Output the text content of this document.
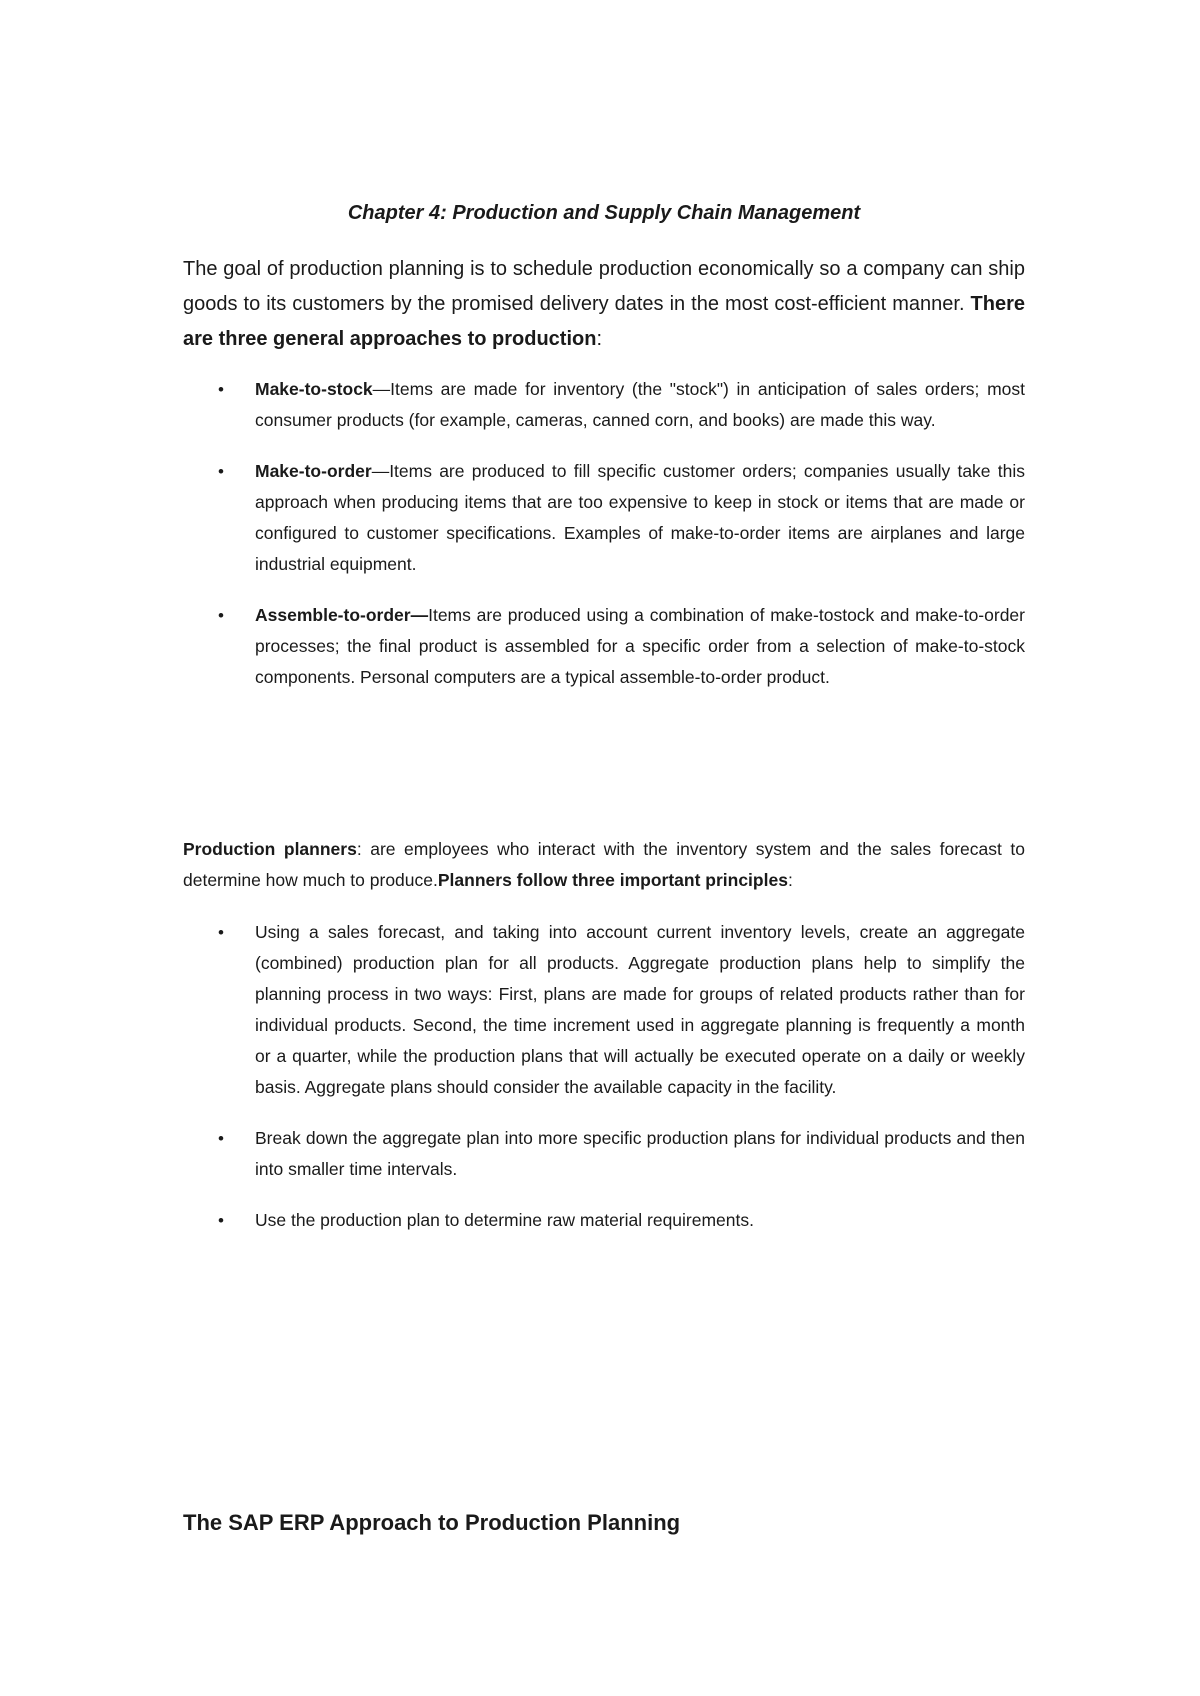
Chapter 4: Production and Supply Chain Management

The goal of production planning is to schedule production economically so a company can ship goods to its customers by the promised delivery dates in the most cost-efficient manner. There are three general approaches to production:

• Make-to-stock—Items are made for inventory (the "stock") in anticipation of sales orders; most consumer products (for example, cameras, canned corn, and books) are made this way.
• Make-to-order—Items are produced to fill specific customer orders; companies usually take this approach when producing items that are too expensive to keep in stock or items that are made or configured to customer specifications. Examples of make-to-order items are airplanes and large industrial equipment.
• Assemble-to-order—Items are produced using a combination of make-tostock and make-to-order processes; the final product is assembled for a specific order from a selection of make-to-stock components. Personal computers are a typical assemble-to-order product.

Production planners: are employees who interact with the inventory system and the sales forecast to determine how much to produce.Planners follow three important principles:

• Using a sales forecast, and taking into account current inventory levels, create an aggregate (combined) production plan for all products. Aggregate production plans help to simplify the planning process in two ways: First, plans are made for groups of related products rather than for individual products. Second, the time increment used in aggregate planning is frequently a month or a quarter, while the production plans that will actually be executed operate on a daily or weekly basis. Aggregate plans should consider the available capacity in the facility.
• Break down the aggregate plan into more specific production plans for individual products and then into smaller time intervals.
• Use the production plan to determine raw material requirements.
The SAP ERP Approach to Production Planning
